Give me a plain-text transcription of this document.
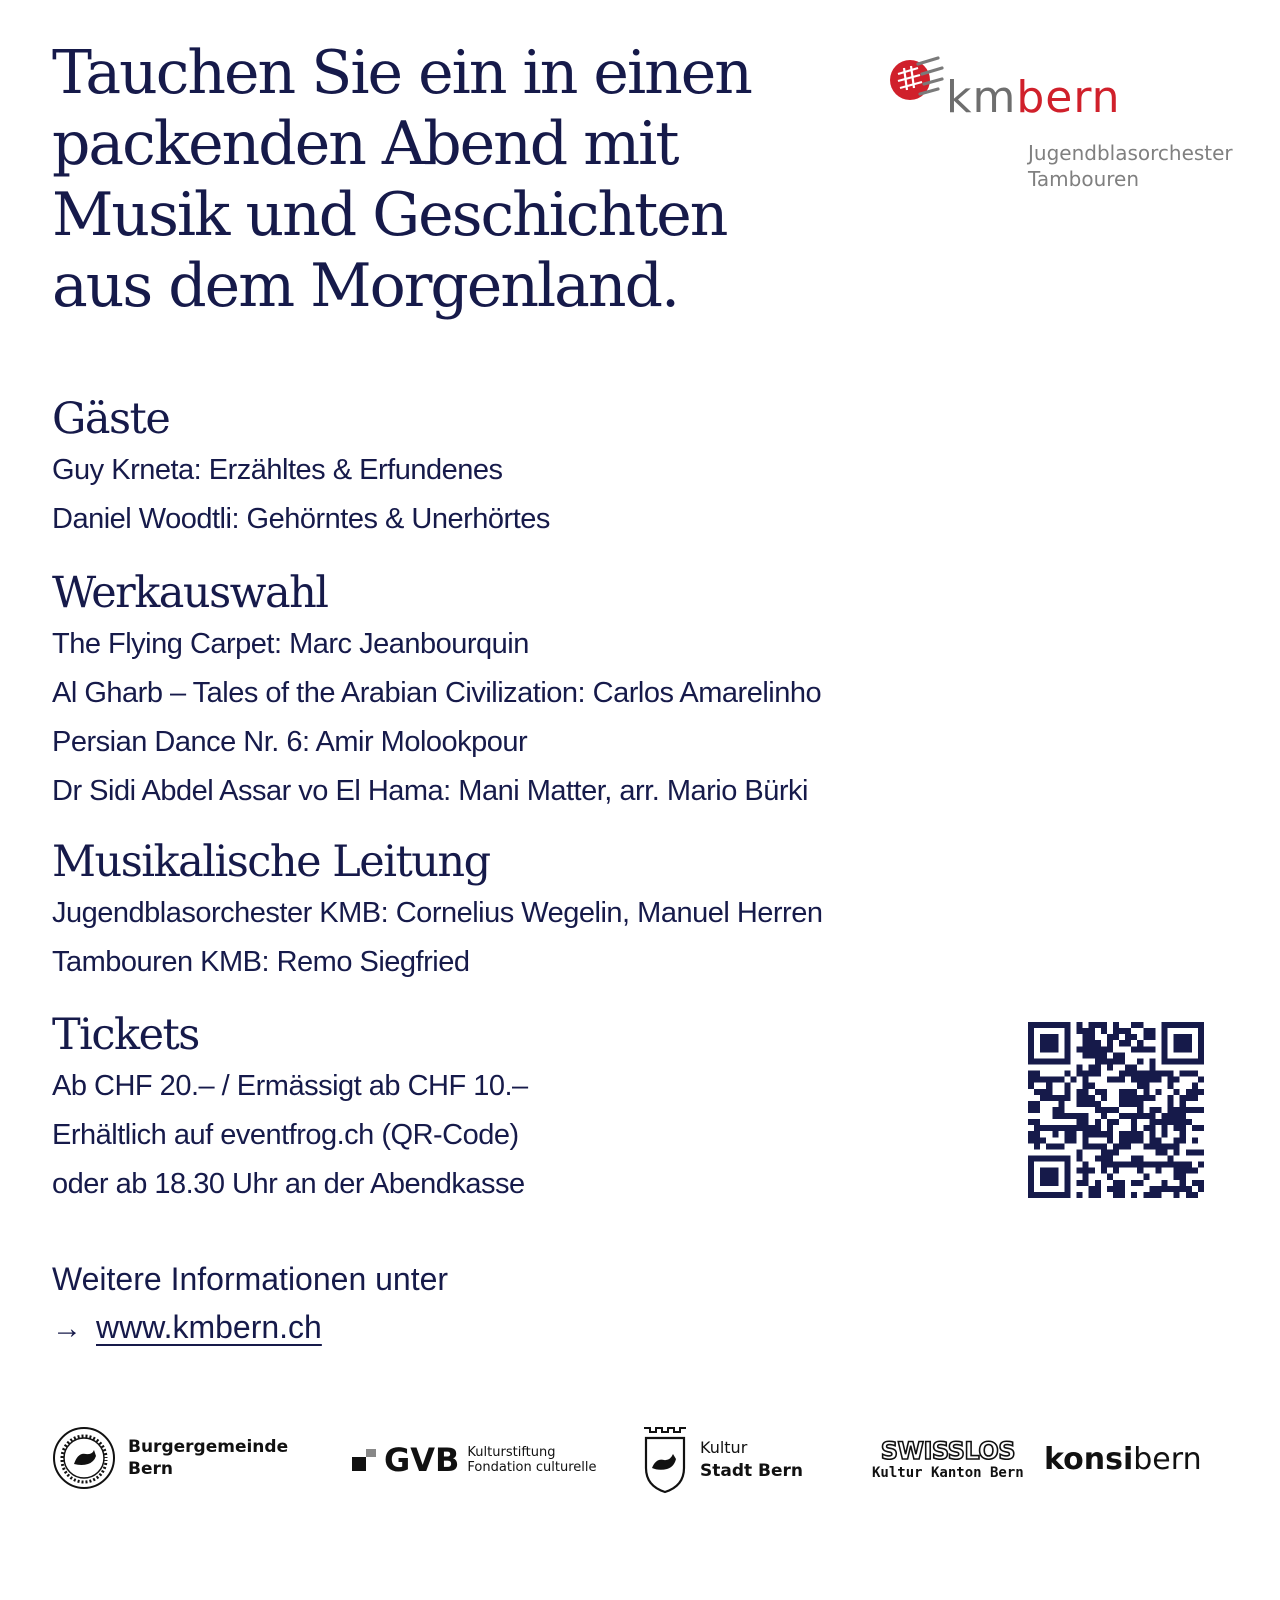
Tauchen Sie ein in einen
packenden Abend mit
Musik und Geschichten
aus dem Morgenland.
kmbern
Jugendblasorchester
Tambouren
Gäste
Guy Krneta: Erzähltes & Erfundenes
Daniel Woodtli: Gehörntes & Unerhörtes
Werkauswahl
The Flying Carpet: Marc Jeanbourquin
Al Gharb – Tales of the Arabian Civilization: Carlos Amarelinho
Persian Dance Nr. 6: Amir Molookpour
Dr Sidi Abdel Assar vo El Hama: Mani Matter, arr. Mario Bürki
Musikalische Leitung
Jugendblasorchester KMB: Cornelius Wegelin, Manuel Herren
Tambouren KMB: Remo Siegfried
Tickets
Ab CHF 20.– / Ermässigt ab CHF 10.–
Erhältlich auf eventfrog.ch (QR-Code)
oder ab 18.30 Uhr an der Abendkasse
Weitere Informationen unter
→ www.kmbern.ch
Burgergemeinde
Bern	GVB Kulturstiftung
Fondation culturelle
Kultur
Stadt Bern
SWISSLOS
Kultur Kanton Bern konsi bern
